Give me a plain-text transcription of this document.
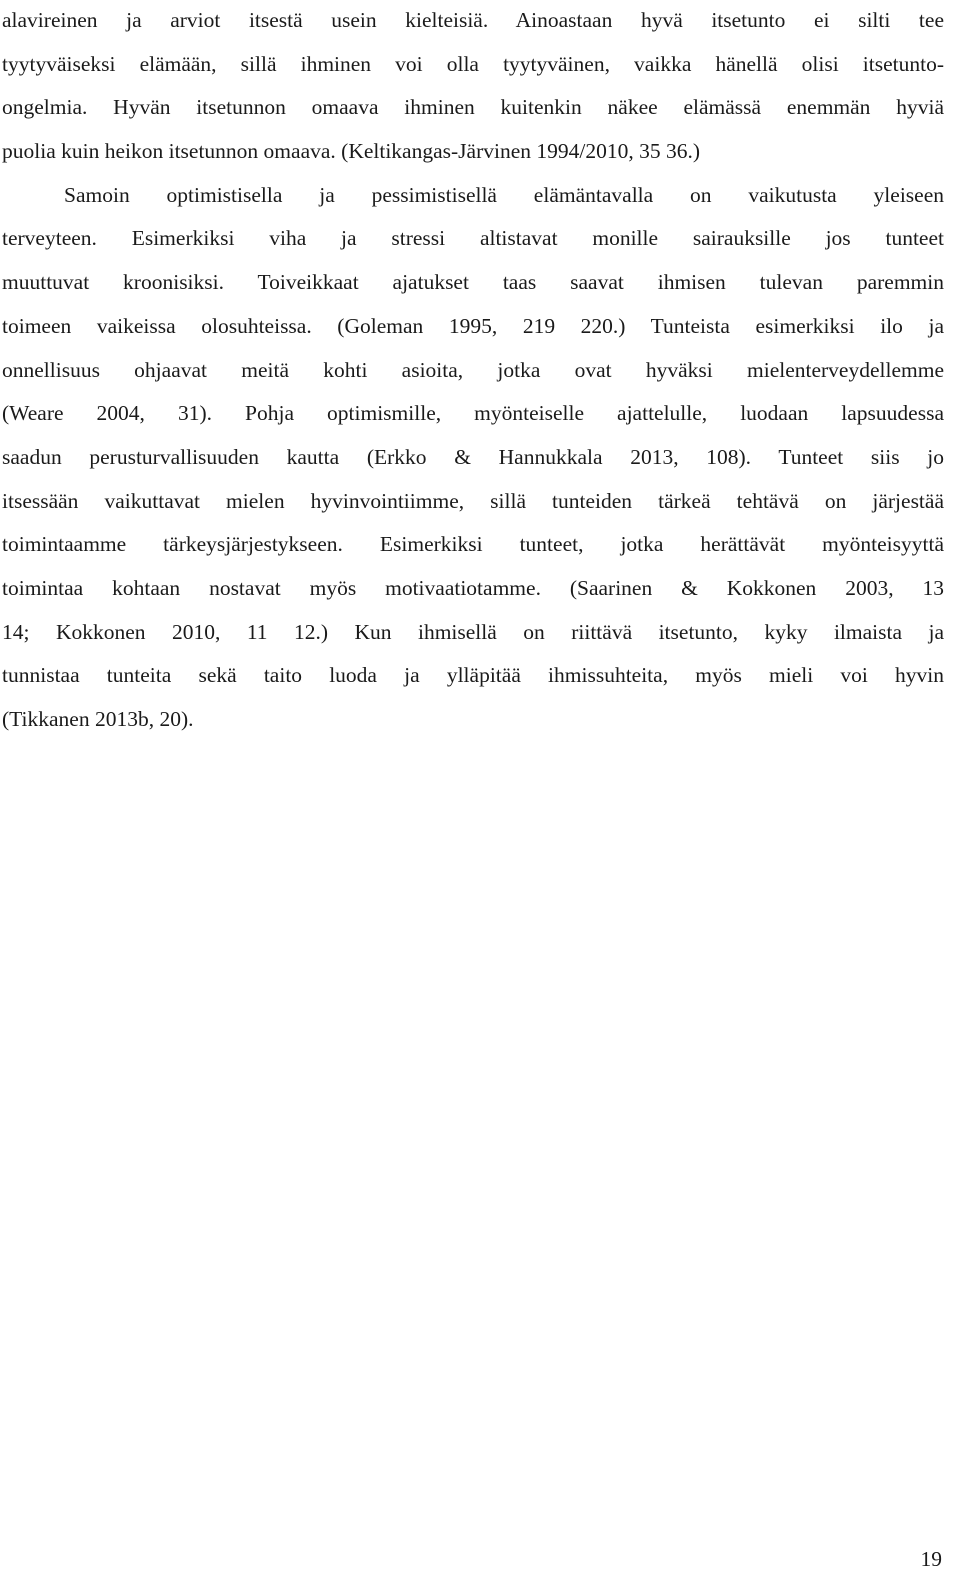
alavireinen ja arviot itsestä usein kielteisiä. Ainoastaan hyvä itsetunto ei silti tee
tyytyväiseksi elämään, sillä ihminen voi olla tyytyväinen, vaikka hänellä olisi itsetunto-
ongelmia. Hyvän itsetunnon omaava ihminen kuitenkin näkee elämässä enemmän hyviä
puolia kuin heikon itsetunnon omaava. (Keltikangas-Järvinen 1994/2010, 35 36.)
Samoin optimistisella ja pessimistisellä elämäntavalla on vaikutusta yleiseen
terveyteen. Esimerkiksi viha ja stressi altistavat monille sairauksille jos tunteet
muuttuvat kroonisiksi. Toiveikkaat ajatukset taas saavat ihmisen tulevan paremmin
toimeen vaikeissa olosuhteissa. (Goleman 1995, 219 220.) Tunteista esimerkiksi ilo ja
onnellisuus ohjaavat meitä kohti asioita, jotka ovat hyväksi mielenterveydellemme
(Weare 2004, 31). Pohja optimismille, myönteiselle ajattelulle, luodaan lapsuudessa
saadun perusturvallisuuden kautta (Erkko & Hannukkala 2013, 108). Tunteet siis jo
itsessään vaikuttavat mielen hyvinvointiimme, sillä tunteiden tärkeä tehtävä on järjestää
toimintaamme tärkeysjärjestykseen. Esimerkiksi tunteet, jotka herättävät myönteisyyttä
toimintaa kohtaan nostavat myös motivaatiotamme. (Saarinen & Kokkonen 2003, 13
14; Kokkonen 2010, 11 12.) Kun ihmisellä on riittävä itsetunto, kyky ilmaista ja
tunnistaa tunteita sekä taito luoda ja ylläpitää ihmissuhteita, myös mieli voi hyvin
(Tikkanen 2013b, 20).
19
